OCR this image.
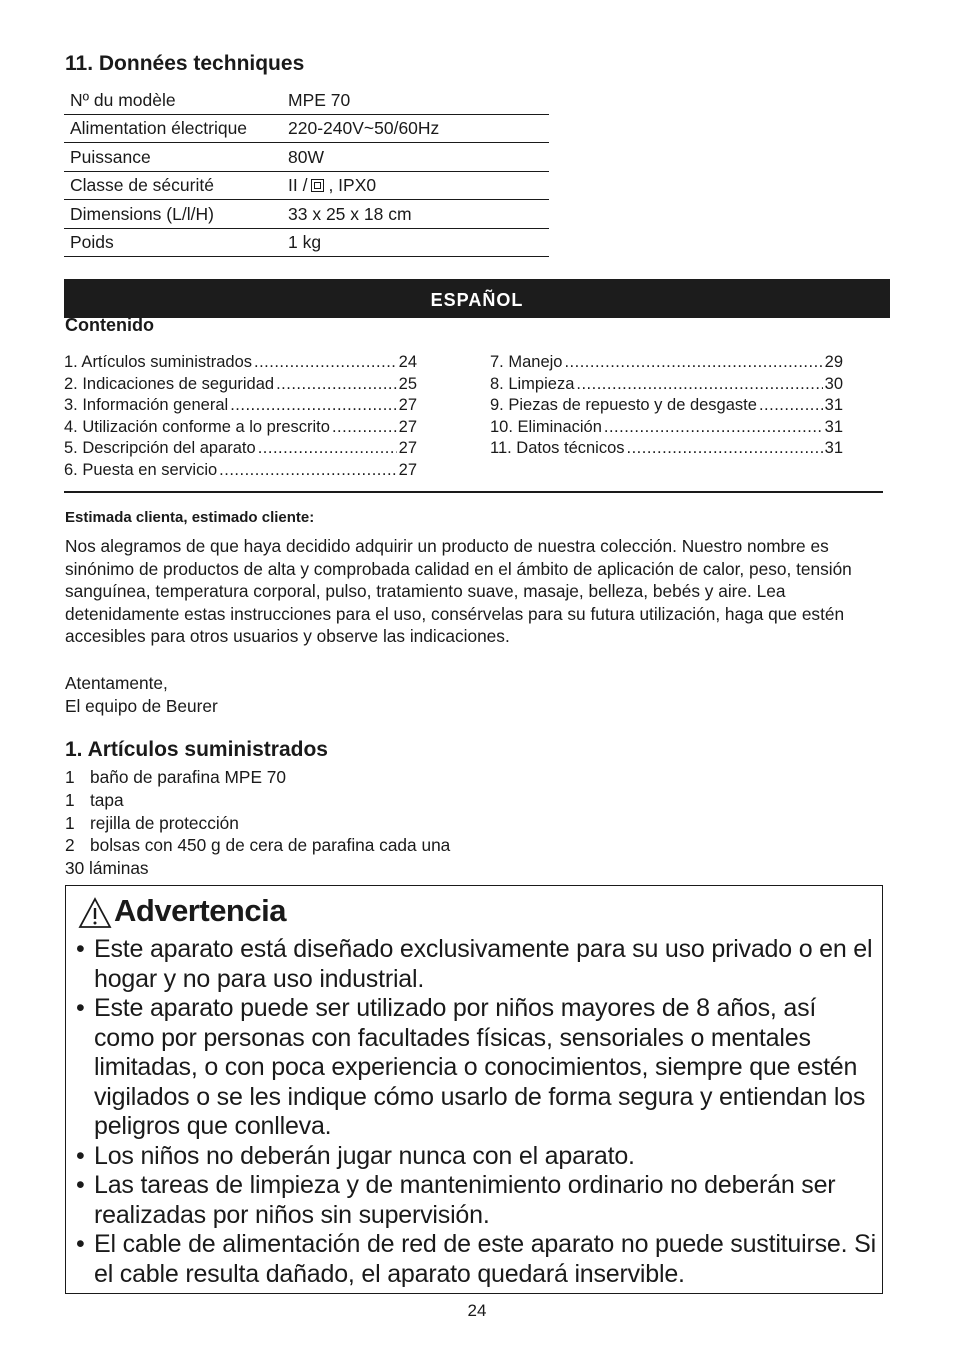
11. Données techniques
Nº du modèle	MPE 70
Alimentation électrique	220-240V~50/60Hz
Puissance	80W
Classe de sécurité	II / , IPX0
Dimensions (L/l/H)	33 x 25 x 18 cm
Poids	1 kg
ESPAÑOL
Contenido
1. Artículos suministrados .....	24
2. Indicaciones de seguridad .....	25
3. Información general .....	27
4. Utilización conforme a lo prescrito .....	27
5. Descripción del aparato .....	27
6. Puesta en servicio .....	27
7. Manejo .....	29
8. Limpieza .....	30
9. Piezas de repuesto y de desgaste .....	31
10. Eliminación .....	31
11. Datos técnicos .....	31
Estimada clienta, estimado cliente:

Nos alegramos de que haya decidido adquirir un producto de nuestra colección. Nuestro nombre es sinónimo de productos de alta y comprobada calidad en el ámbito de aplicación de calor, peso, tensión sanguínea, temperatura corporal, pulso, tratamiento suave, masaje, belleza, bebés y aire. Lea detenidamente estas instrucciones para el uso, consérvelas para su futura utilización, haga que estén accesibles para otros usuarios y observe las indicaciones.

Atentamente,
El equipo de Beurer
1. Artículos suministrados
1 baño de parafina MPE 70
1 tapa
1 rejilla de protección
2 bolsas con 450 g de cera de parafina cada una
30 láminas
Advertencia
• Este aparato está diseñado exclusivamente para su uso privado o en el hogar y no para uso industrial.
• Este aparato puede ser utilizado por niños mayores de 8 años, así como por personas con facultades físicas, sensoriales o mentales limitadas, o con poca experiencia o conocimientos, siempre que estén vigilados o se les indique cómo usarlo de forma segura y entiendan los peligros que conlleva.
• Los niños no deberán jugar nunca con el aparato.
• Las tareas de limpieza y de mantenimiento ordinario no deberán ser realizadas por niños sin supervisión.
• El cable de alimentación de red de este aparato no puede sustituirse. Si el cable resulta dañado, el aparato quedará inservible.
24
